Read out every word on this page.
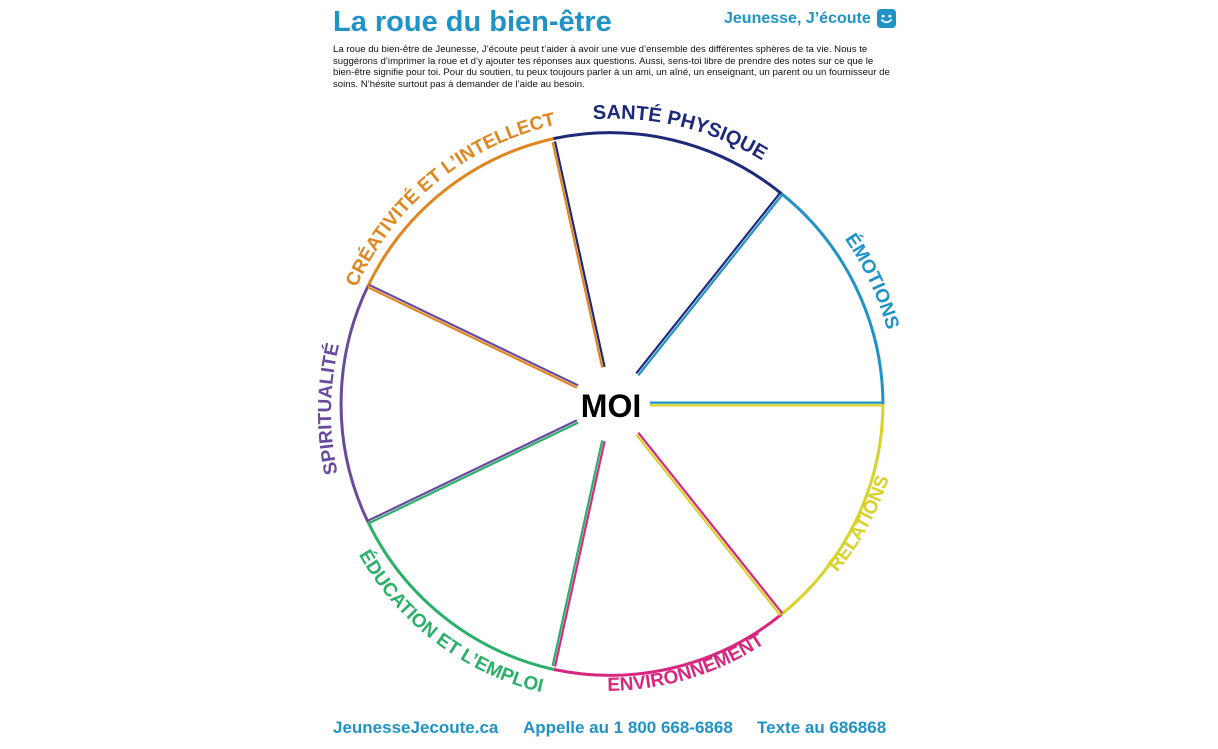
La roue du bien-être	Jeunesse, J’écoute

La roue du bien-être de Jeunesse, J’écoute peut t’aider à avoir une vue d’ensemble des différentes sphères de ta vie. Nous te suggérons d’imprimer la roue et d’y ajouter tes réponses aux questions. Aussi, sens-toi libre de prendre des notes sur ce que le bien-être signifie pour toi. Pour du soutien, tu peux toujours parler à un ami, un aîné, un enseignant, un parent ou un fournisseur de soins. N’hésite surtout pas à demander de l’aide au besoin.

MOI
SANTÉ PHYSIQUE
ÉMOTIONS
RELATIONS
ENVIRONNEMENT
ÉDUCATION ET L’EMPLOI
SPIRITUALITÉ
CRÉATIVITÉ ET L’INTELLECT
JeunesseJecoute.ca Appelle au 1 800 668-6868 Texte au 686868
